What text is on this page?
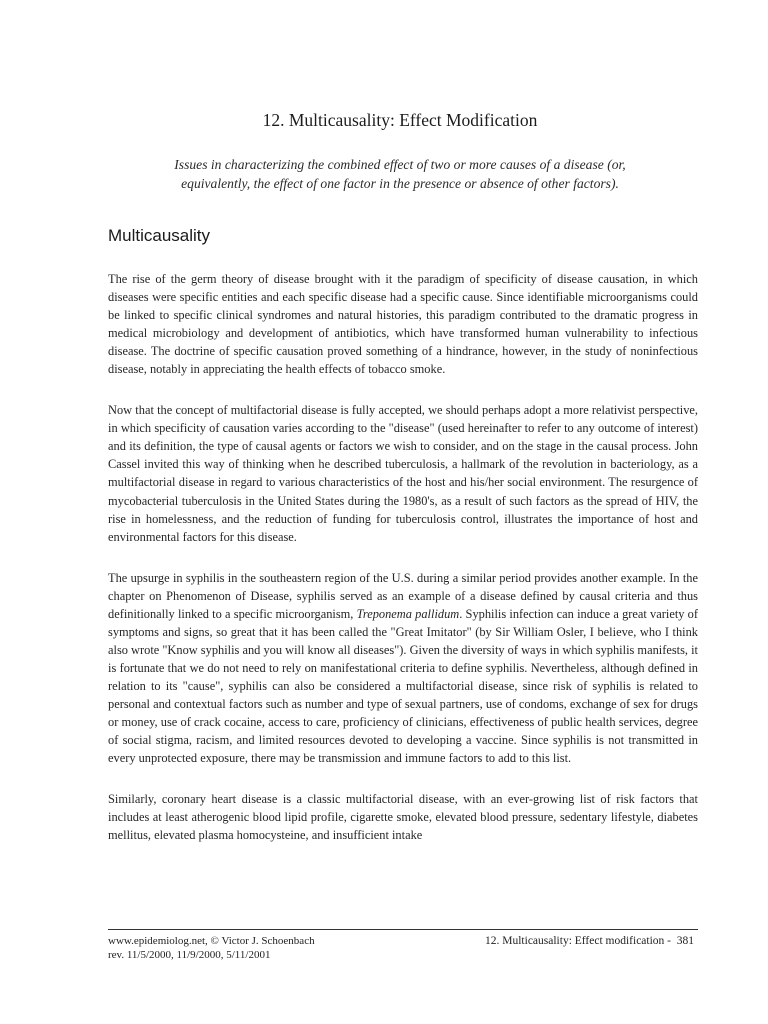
12. Multicausality: Effect Modification

Issues in characterizing the combined effect of two or more causes of a disease (or, equivalently, the effect of one factor in the presence or absence of other factors).

Multicausality

The rise of the germ theory of disease brought with it the paradigm of specificity of disease causation, in which diseases were specific entities and each specific disease had a specific cause. Since identifiable microorganisms could be linked to specific clinical syndromes and natural histories, this paradigm contributed to the dramatic progress in medical microbiology and development of antibiotics, which have transformed human vulnerability to infectious disease. The doctrine of specific causation proved something of a hindrance, however, in the study of noninfectious disease, notably in appreciating the health effects of tobacco smoke.

Now that the concept of multifactorial disease is fully accepted, we should perhaps adopt a more relativist perspective, in which specificity of causation varies according to the "disease" (used hereinafter to refer to any outcome of interest) and its definition, the type of causal agents or factors we wish to consider, and on the stage in the causal process. John Cassel invited this way of thinking when he described tuberculosis, a hallmark of the revolution in bacteriology, as a multifactorial disease in regard to various characteristics of the host and his/her social environment. The resurgence of mycobacterial tuberculosis in the United States during the 1980's, as a result of such factors as the spread of HIV, the rise in homelessness, and the reduction of funding for tuberculosis control, illustrates the importance of host and environmental factors for this disease.

The upsurge in syphilis in the southeastern region of the U.S. during a similar period provides another example. In the chapter on Phenomenon of Disease, syphilis served as an example of a disease defined by causal criteria and thus definitionally linked to a specific microorganism, Treponema pallidum. Syphilis infection can induce a great variety of symptoms and signs, so great that it has been called the "Great Imitator" (by Sir William Osler, I believe, who I think also wrote "Know syphilis and you will know all diseases"). Given the diversity of ways in which syphilis manifests, it is fortunate that we do not need to rely on manifestational criteria to define syphilis. Nevertheless, although defined in relation to its "cause", syphilis can also be considered a multifactorial disease, since risk of syphilis is related to personal and contextual factors such as number and type of sexual partners, use of condoms, exchange of sex for drugs or money, use of crack cocaine, access to care, proficiency of clinicians, effectiveness of public health services, degree of social stigma, racism, and limited resources devoted to developing a vaccine. Since syphilis is not transmitted in every unprotected exposure, there may be transmission and immune factors to add to this list.

Similarly, coronary heart disease is a classic multifactorial disease, with an ever-growing list of risk factors that includes at least atherogenic blood lipid profile, cigarette smoke, elevated blood pressure, sedentary lifestyle, diabetes mellitus, elevated plasma homocysteine, and insufficient intake

www.epidemiolog.net, © Victor J. Schoenbach
rev. 11/5/2000, 11/9/2000, 5/11/2001
12. Multicausality: Effect modification - 381
